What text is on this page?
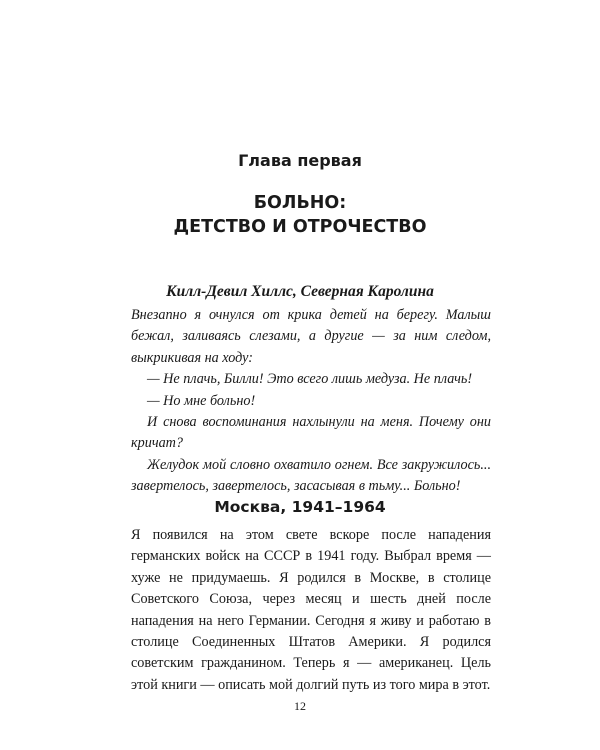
Глава первая
БОЛЬНО:
ДЕТСТВО И ОТРОЧЕСТВО
Килл-Девил Хиллс, Северная Каролина

Внезапно я очнулся от крика детей на берегу. Малыш бежал, заливаясь слезами, а другие — за ним следом, выкрикивая на ходу:

— Не плачь, Билли! Это всего лишь медуза. Не плачь!

— Но мне больно!

И снова воспоминания нахлынули на меня. Почему они кричат?

Желудок мой словно охватило огнем. Все закружилось... завертелось, завертелось, засасывая в тьму... Больно!

Москва, 1941–1964

Я появился на этом свете вскоре после нападения германских войск на СССР в 1941 году. Выбрал время — хуже не придумаешь. Я родился в Москве, в столице Советского Союза, через месяц и шесть дней после нападения на него Германии. Сегодня я живу и работаю в столице Соединенных Штатов Америки. Я родился советским гражданином. Теперь я — американец. Цель этой книги — описать мой долгий путь из того мира в этот.

12
